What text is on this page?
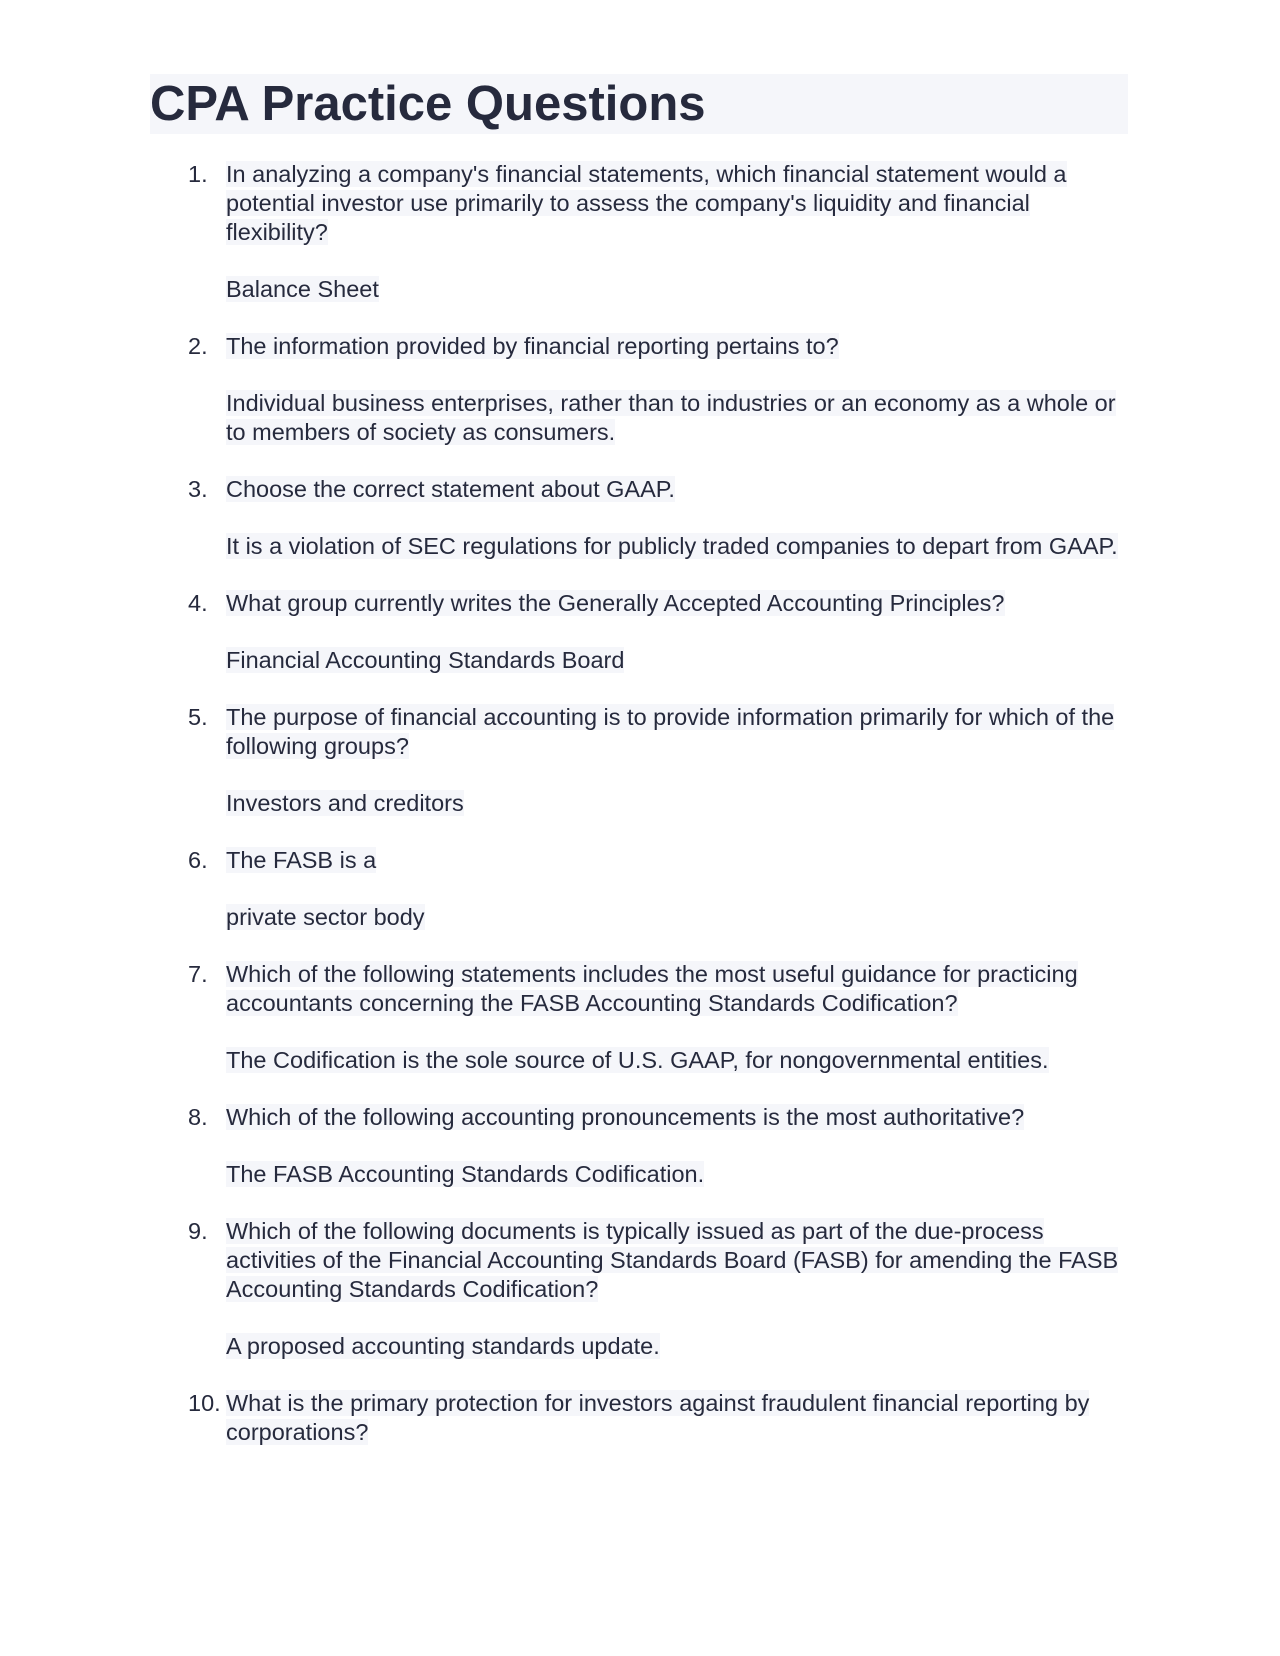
CPA Practice Questions
1. In analyzing a company's financial statements, which financial statement would a potential investor use primarily to assess the company's liquidity and financial flexibility?
Balance Sheet
2. The information provided by financial reporting pertains to?
Individual business enterprises, rather than to industries or an economy as a whole or to members of society as consumers.
3. Choose the correct statement about GAAP.
It is a violation of SEC regulations for publicly traded companies to depart from GAAP.
4. What group currently writes the Generally Accepted Accounting Principles?
Financial Accounting Standards Board
5. The purpose of financial accounting is to provide information primarily for which of the following groups?
Investors and creditors
6. The FASB is a
private sector body
7. Which of the following statements includes the most useful guidance for practicing accountants concerning the FASB Accounting Standards Codification?
The Codification is the sole source of U.S. GAAP, for nongovernmental entities.
8. Which of the following accounting pronouncements is the most authoritative?
The FASB Accounting Standards Codification.
9. Which of the following documents is typically issued as part of the due-process activities of the Financial Accounting Standards Board (FASB) for amending the FASB Accounting Standards Codification?
A proposed accounting standards update.
10. What is the primary protection for investors against fraudulent financial reporting by corporations?
